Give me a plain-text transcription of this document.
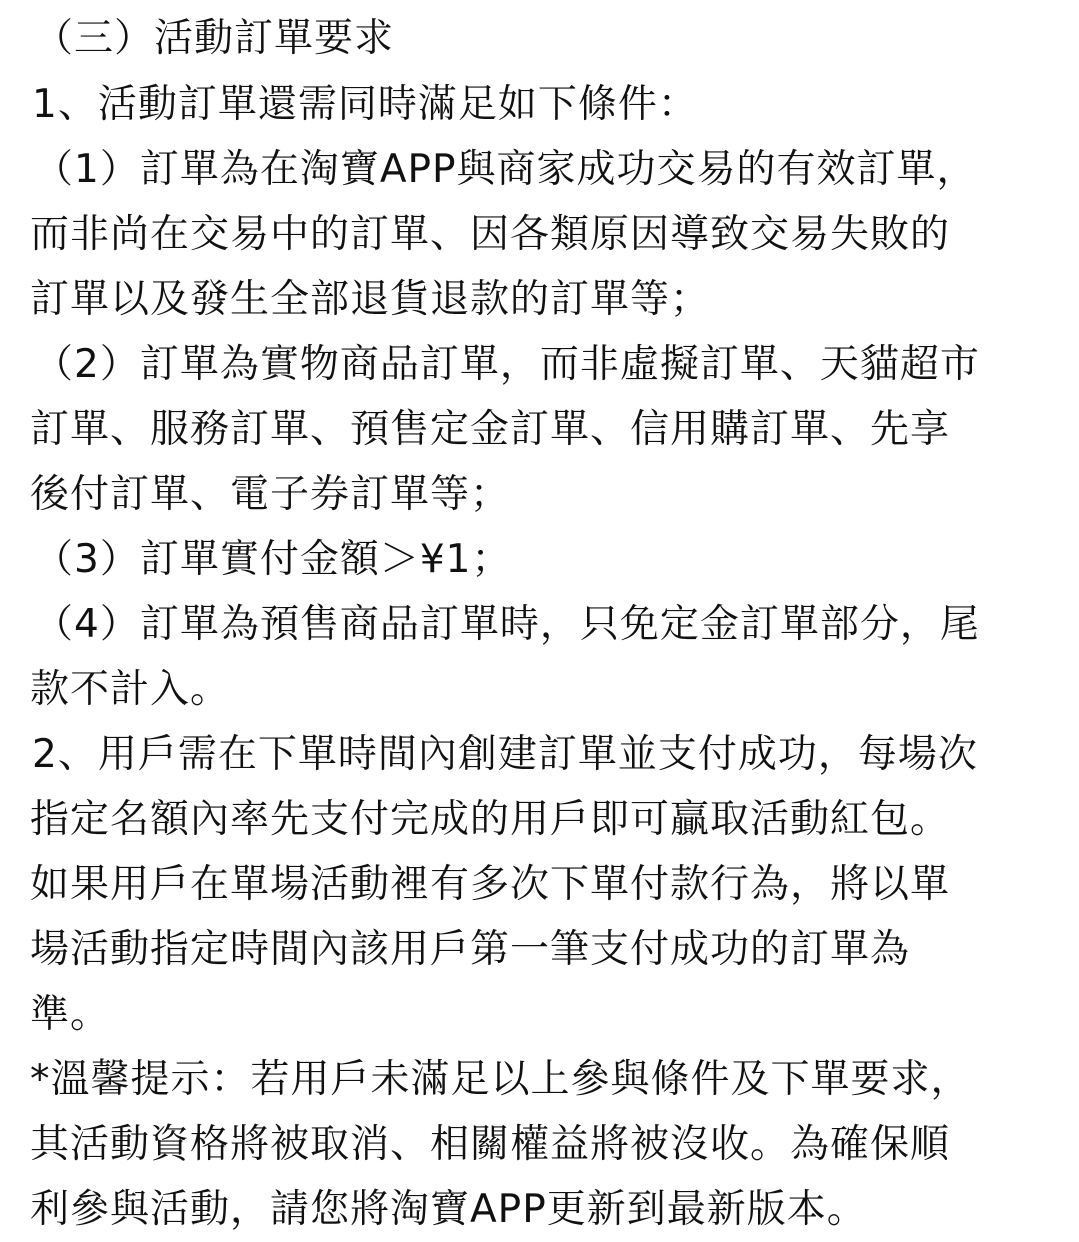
（三）活動訂單要求
1、活動訂單還需同時滿足如下條件：
（1）訂單為在淘寶APP與商家成功交易的有效訂單，
而非尚在交易中的訂單、因各類原因導致交易失敗的
訂單以及發生全部退貨退款的訂單等；
（2）訂單為實物商品訂單，而非虛擬訂單、天貓超市
訂單、服務訂單、預售定金訂單、信用購訂單、先享
後付訂單、電子券訂單等；
（3）訂單實付金額＞¥1；
（4）訂單為預售商品訂單時，只免定金訂單部分，尾
款不計入。
2、用戶需在下單時間內創建訂單並支付成功，每場次
指定名額內率先支付完成的用戶即可贏取活動紅包。
如果用戶在單場活動裡有多次下單付款行為，將以單
場活動指定時間內該用戶第一筆支付成功的訂單為
準。
*溫馨提示：若用戶未滿足以上參與條件及下單要求，
其活動資格將被取消、相關權益將被沒收。為確保順
利參與活動，請您將淘寶APP更新到最新版本。
